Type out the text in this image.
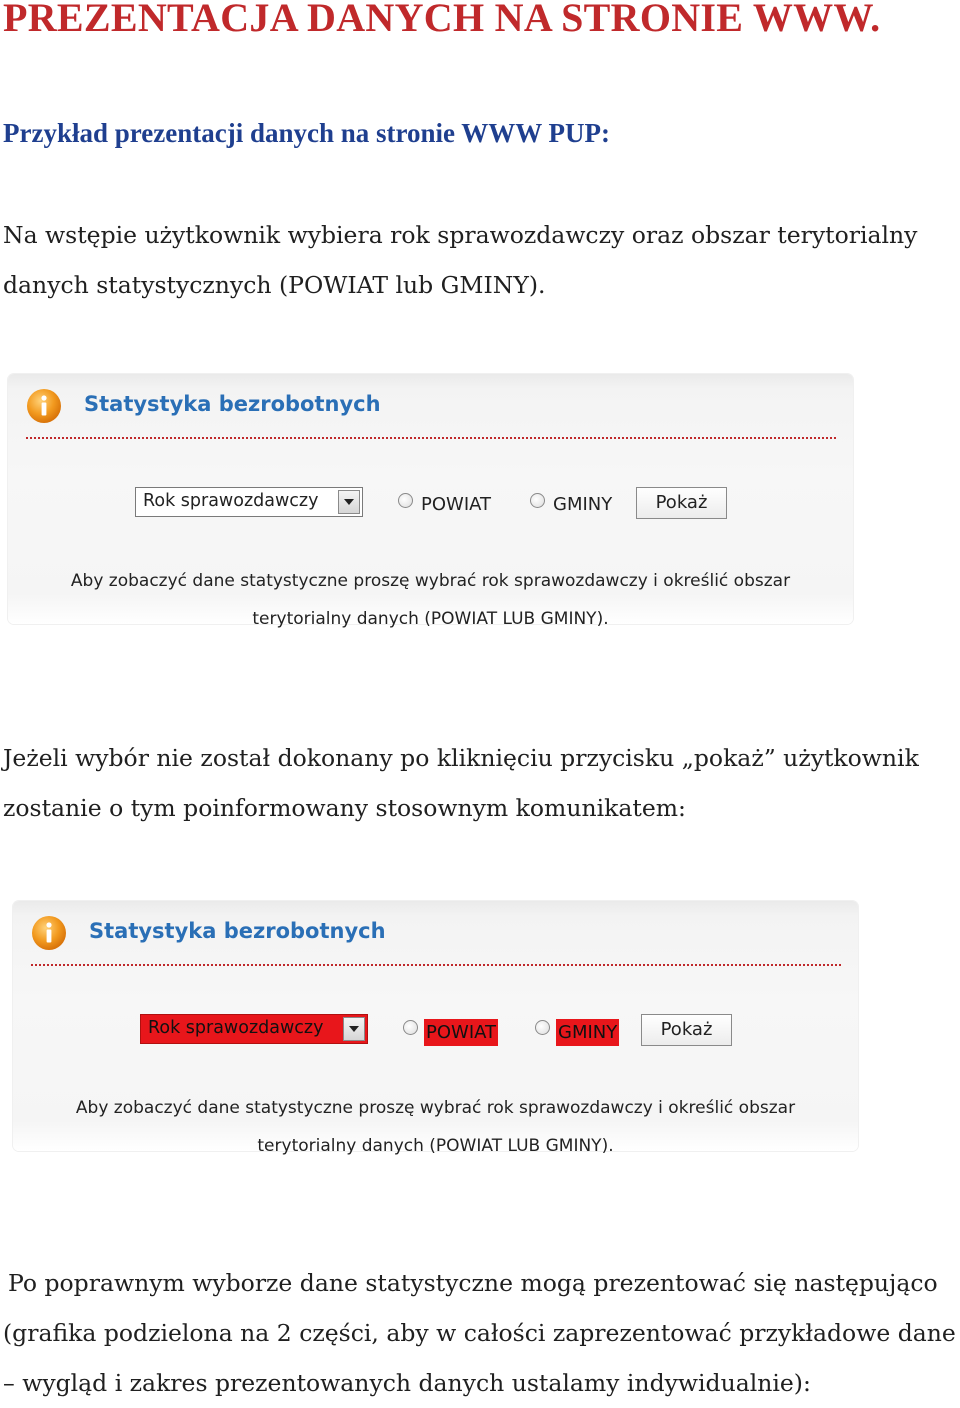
PREZENTACJA DANYCH NA STRONIE WWW.
Przykład prezentacji danych na stronie WWW PUP:

Na wstępie użytkownik wybiera rok sprawozdawczy oraz obszar terytorialny
danych statystycznych (POWIAT lub GMINY).

Statystyka bezrobotnych
Rok sprawozdawczy	POWIAT	GMINY	Pokaż
Aby zobaczyć dane statystyczne proszę wybrać rok sprawozdawczy i określić obszar
terytorialny danych (POWIAT LUB GMINY).

Jeżeli wybór nie został dokonany po kliknięciu przycisku „pokaż” użytkownik
zostanie o tym poinformowany stosownym komunikatem:

Statystyka bezrobotnych
Rok sprawozdawczy	POWIAT	GMINY	Pokaż
Aby zobaczyć dane statystyczne proszę wybrać rok sprawozdawczy i określić obszar
terytorialny danych (POWIAT LUB GMINY).

Po poprawnym wyborze dane statystyczne mogą prezentować się następująco
(grafika podzielona na 2 części, aby w całości zaprezentować przykładowe dane
– wygląd i zakres prezentowanych danych ustalamy indywidualnie):
